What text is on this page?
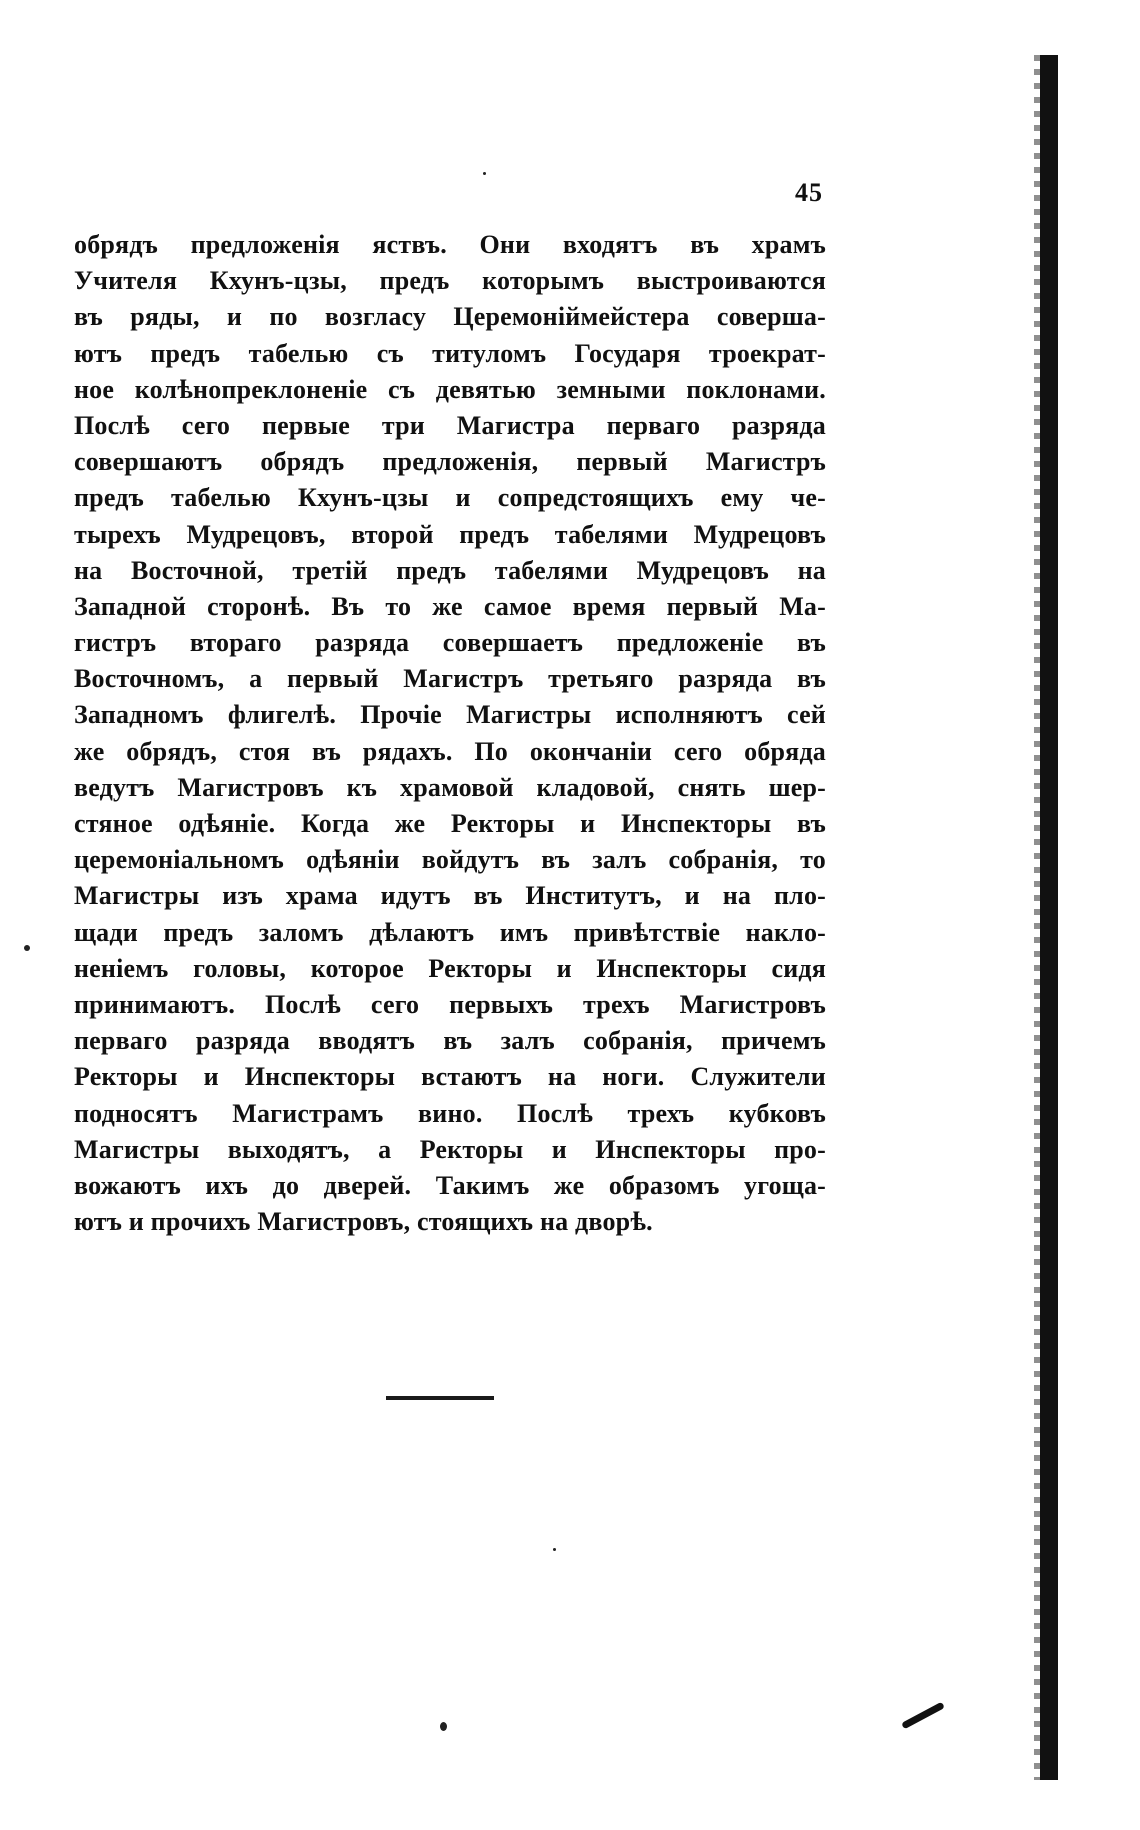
45
обрядъ предложенія яствъ. Они входятъ въ храмъ
Учителя Кхунъ-цзы, предъ которымъ выстроиваются
въ ряды, и по возгласу Церемоніймейстера соверша-
ютъ предъ табелью съ титуломъ Государя троекрат-
ное колѣнопреклоненіе съ девятью земными поклонами.
Послѣ сего первые три Магистра перваго разряда
совершаютъ обрядъ предложенія, первый Магистръ
предъ табелью Кхунъ-цзы и сопредстоящихъ ему че-
тырехъ Мудрецовъ, второй предъ табелями Мудрецовъ
на Восточной, третій предъ табелями Мудрецовъ на
Западной сторонѣ. Въ то же самое время первый Ма-
гистръ втораго разряда совершаетъ предложеніе въ
Восточномъ, а первый Магистръ третьяго разряда въ
Западномъ флигелѣ. Прочіе Магистры исполняютъ сей
же обрядъ, стоя въ рядахъ. По окончаніи сего обряда
ведутъ Магистровъ къ храмовой кладовой, снять шер-
стяное одѣяніе. Когда же Ректоры и Инспекторы въ
церемоніальномъ одѣяніи войдутъ въ залъ собранія, то
Магистры изъ храма идутъ въ Институтъ, и на пло-
щади предъ заломъ дѣлаютъ имъ привѣтствіе накло-
неніемъ головы, которое Ректоры и Инспекторы сидя
принимаютъ. Послѣ сего первыхъ трехъ Магистровъ
перваго разряда вводятъ въ залъ собранія, причемъ
Ректоры и Инспекторы встаютъ на ноги. Служители
подносятъ Магистрамъ вино. Послѣ трехъ кубковъ
Магистры выходятъ, а Ректоры и Инспекторы про-
вожаютъ ихъ до дверей. Такимъ же образомъ угоща-
ютъ и прочихъ Магистровъ, стоящихъ на дворѣ.
